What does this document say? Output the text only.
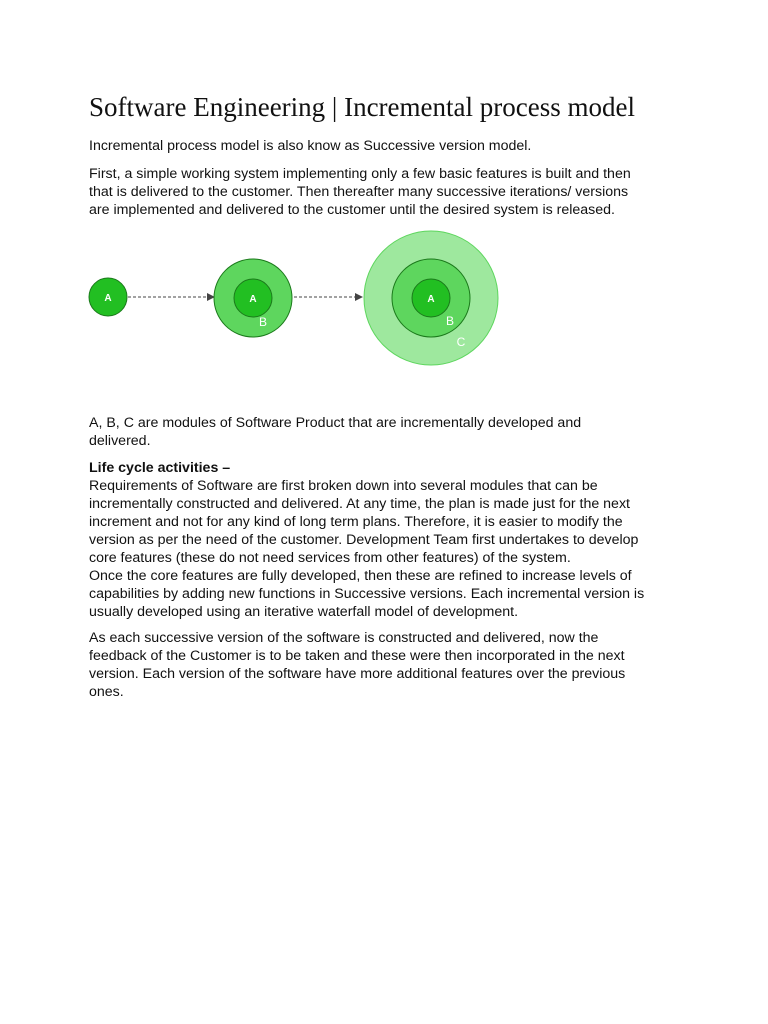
Software Engineering | Incremental process model

Incremental process model is also know as Successive version model.

First, a simple working system implementing only a few basic features is built and then
that is delivered to the customer. Then thereafter many successive iterations/ versions
are implemented and delivered to the customer until the desired system is released.

A	A
B
A
B
C

A, B, C are modules of Software Product that are incrementally developed and
delivered.

Life cycle activities –
Requirements of Software are first broken down into several modules that can be
incrementally constructed and delivered. At any time, the plan is made just for the next
increment and not for any kind of long term plans. Therefore, it is easier to modify the
version as per the need of the customer. Development Team first undertakes to develop
core features (these do not need services from other features) of the system.
Once the core features are fully developed, then these are refined to increase levels of
capabilities by adding new functions in Successive versions. Each incremental version is
usually developed using an iterative waterfall model of development.

As each successive version of the software is constructed and delivered, now the
feedback of the Customer is to be taken and these were then incorporated in the next
version. Each version of the software have more additional features over the previous
ones.
